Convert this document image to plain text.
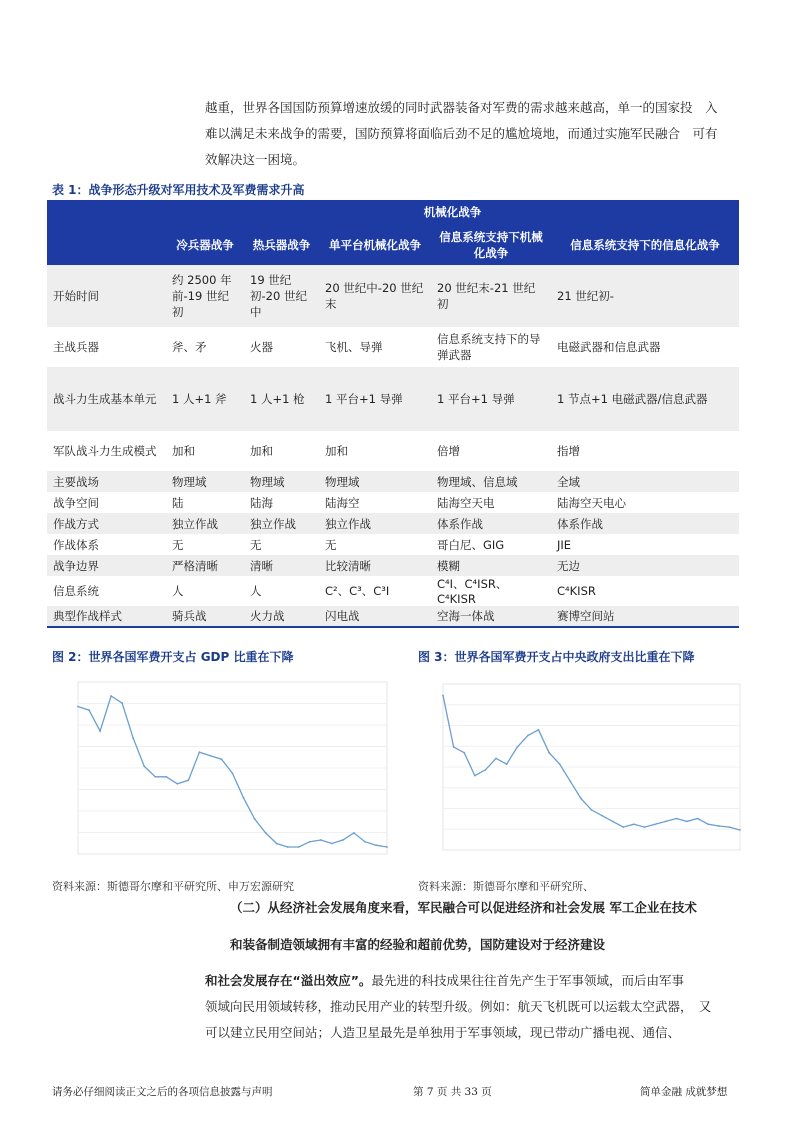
越重，世界各国国防预算增速放缓的同时武器装备对军费的需求越来越高，单一的国家投　入

难以满足未来战争的需要，国防预算将面临后劲不足的尴尬境地，而通过实施军民融合　可有

效解决这一困境。

表 1：战争形态升级对军用技术及军费需求升高
	机械化战争				
	冷兵器战争	热兵器战争	单平台机械化战争	信息系统支持下机械化战争	信息系统支持下的信息化战争
开始时间	约 2500 年前-19 世纪初	19 世纪初-20 世纪中	20 世纪中-20 世纪末	20 世纪末-21 世纪初	21 世纪初-
主战兵器	斧、矛	火器	飞机、导弹	信息系统支持下的导弹武器	电磁武器和信息武器
战斗力生成基本单元	1 人+1 斧	1 人+1 枪	1 平台+1 导弹	1 平台+1 导弹	1 节点+1 电磁武器/信息武器
军队战斗力生成模式	加和	加和	加和	倍增	指增
主要战场	物理域	物理域	物理域	物理域、信息域	全域
战争空间	陆	陆海	陆海空	陆海空天电	陆海空天电心
作战方式	独立作战	独立作战	独立作战	体系作战	体系作战
作战体系	无	无	无	哥白尼、GIG	JIE
战争边界	严格清晰	清晰	比较清晰	模糊	无边
信息系统	人	人	C²、C³、C³I	C⁴I、C⁴ISR、C⁴KISR	C⁴KISR
典型作战样式	骑兵战	火力战	闪电战	空海一体战	赛博空间站
图 2：世界各国军费开支占 GDP 比重在下降	图 3：世界各国军费开支占中央政府支出比重在下降
资料来源：斯德哥尔摩和平研究所、申万宏源研究	资料来源：斯德哥尔摩和平研究所、

（二）从经济社会发展角度来看，军民融合可以促进经济和社会发展 军工企业在技术

和装备制造领域拥有丰富的经验和超前优势，国防建设对于经济建设

和社会发展存在“溢出效应”。最先进的科技成果往往首先产生于军事领域，而后由军事

领域向民用领域转移，推动民用产业的转型升级。例如：航天飞机既可以运载太空武器，　又

可以建立民用空间站；人造卫星最先是单独用于军事领域，现已带动广播电视、通信、

请务必仔细阅读正文之后的各项信息披露与声明	第 7 页 共 33 页	简单金融 成就梦想
